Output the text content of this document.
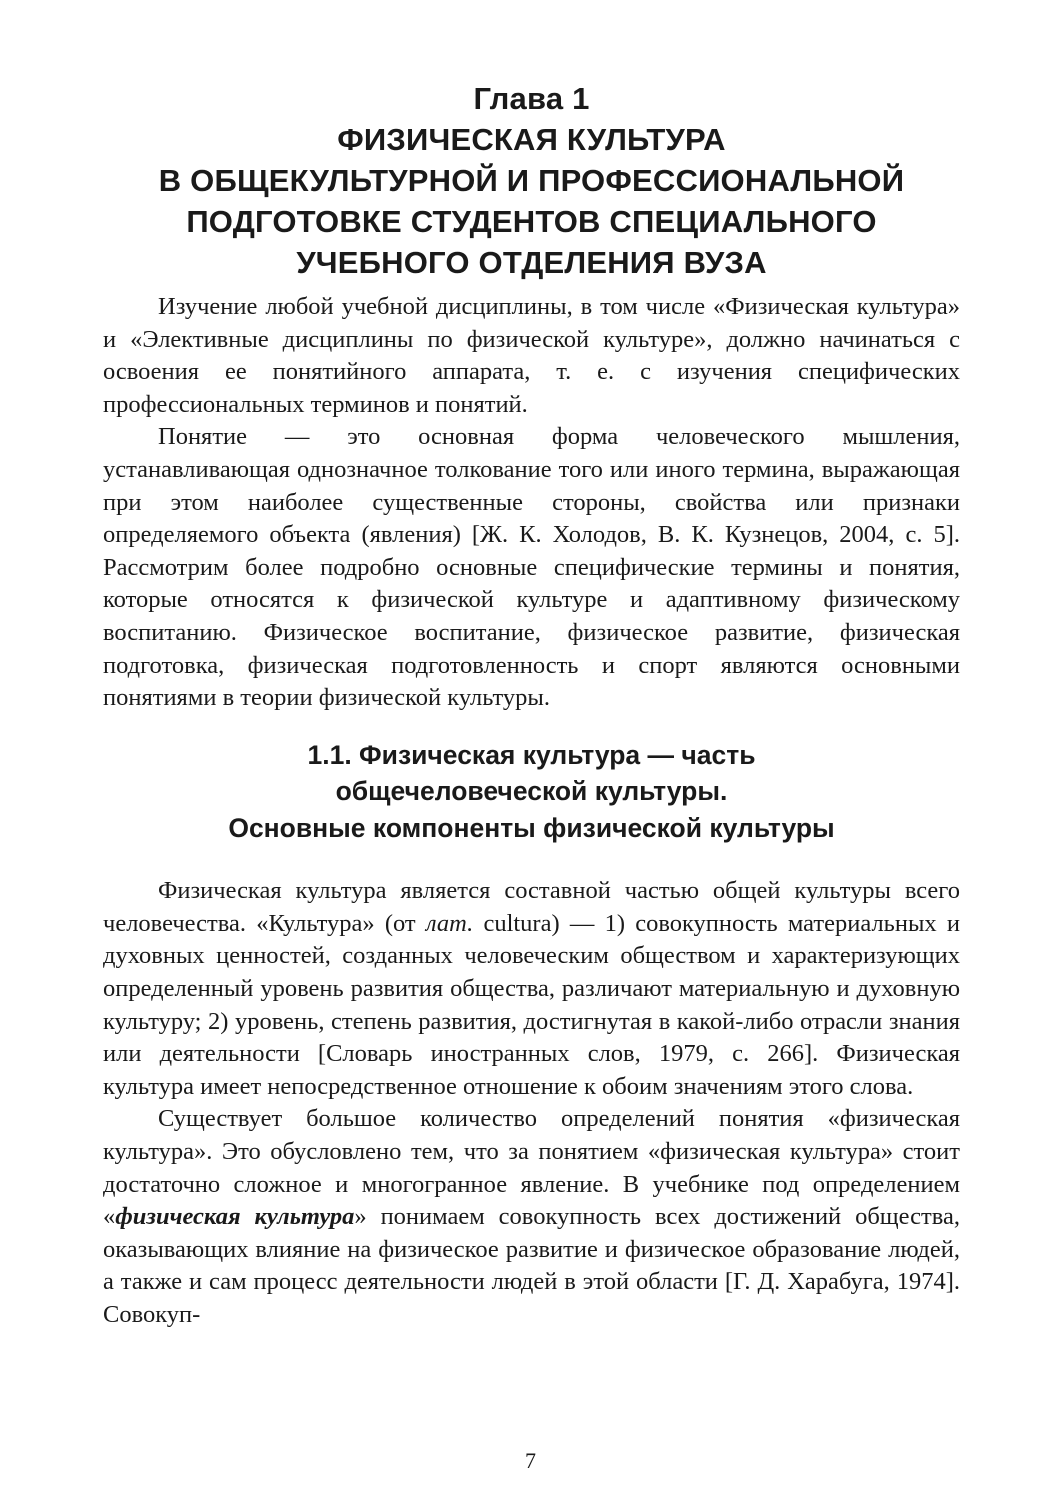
Глава 1
ФИЗИЧЕСКАЯ КУЛЬТУРА
В ОБЩЕКУЛЬТУРНОЙ И ПРОФЕССИОНАЛЬНОЙ
ПОДГОТОВКЕ СТУДЕНТОВ СПЕЦИАЛЬНОГО
УЧЕБНОГО ОТДЕЛЕНИЯ ВУЗА

Изучение любой учебной дисциплины, в том числе «Физическая культура» и «Элективные дисциплины по физической культуре», должно начинаться с освоения ее понятийного аппарата, т. е. с изучения специфических профессиональных терминов и понятий.

Понятие — это основная форма человеческого мышления, устанавливающая однозначное толкование того или иного термина, выражающая при этом наиболее существенные стороны, свойства или признаки определяемого объекта (явления) [Ж. К. Холодов, В. К. Кузнецов, 2004, с. 5]. Рассмотрим более подробно основные специфические термины и понятия, которые относятся к физической культуре и адаптивному физическому воспитанию. Физическое воспитание, физическое развитие, физическая подготовка, физическая подготовленность и спорт являются основными понятиями в теории физической культуры.

1.1. Физическая культура — часть
общечеловеческой культуры.
Основные компоненты физической культуры

Физическая культура является составной частью общей культуры всего человечества. «Культура» (от лат. cultura) — 1) совокупность материальных и духовных ценностей, созданных человеческим обществом и характеризующих определенный уровень развития общества, различают материальную и духовную культуру; 2) уровень, степень развития, достигнутая в какой-либо отрасли знания или деятельности [Словарь иностранных слов, 1979, с. 266]. Физическая культура имеет непосредственное отношение к обоим значениям этого слова.

Существует большое количество определений понятия «физическая культура». Это обусловлено тем, что за понятием «физическая культура» стоит достаточно сложное и многогранное явление. В учебнике под определением «физическая культура» понимаем совокупность всех достижений общества, оказывающих влияние на физическое развитие и физическое образование людей, а также и сам процесс деятельности людей в этой области [Г. Д. Харабуга, 1974]. Совокуп-

7
